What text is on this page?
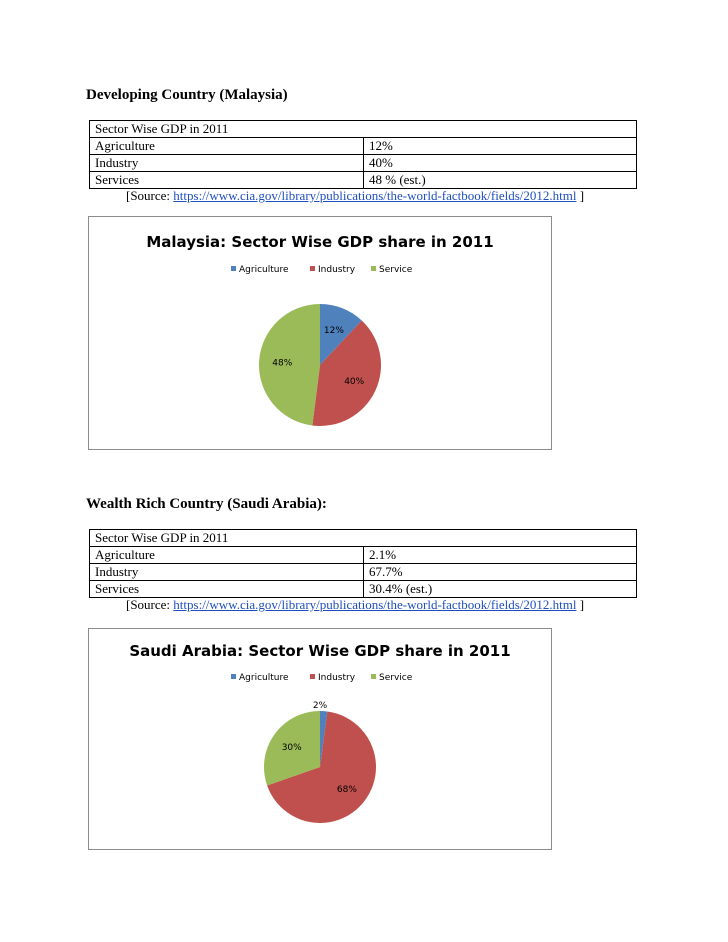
Developing Country (Malaysia)
Sector Wise GDP in 2011	
Agriculture	12%
Industry	40%
Services	48 % (est.)
[Source: https://www.cia.gov/library/publications/the-world-factbook/fields/2012.html ]
Malaysia: Sector Wise GDP share in 2011
Agriculture	Industry	Service
12%
40%
48%
Wealth Rich Country (Saudi Arabia):
Sector Wise GDP in 2011	
Agriculture	2.1%
Industry	67.7%
Services	30.4% (est.)
[Source: https://www.cia.gov/library/publications/the-world-factbook/fields/2012.html ]
Saudi Arabia: Sector Wise GDP share in 2011
Agriculture	Industry	Service
2%
68%
30%
